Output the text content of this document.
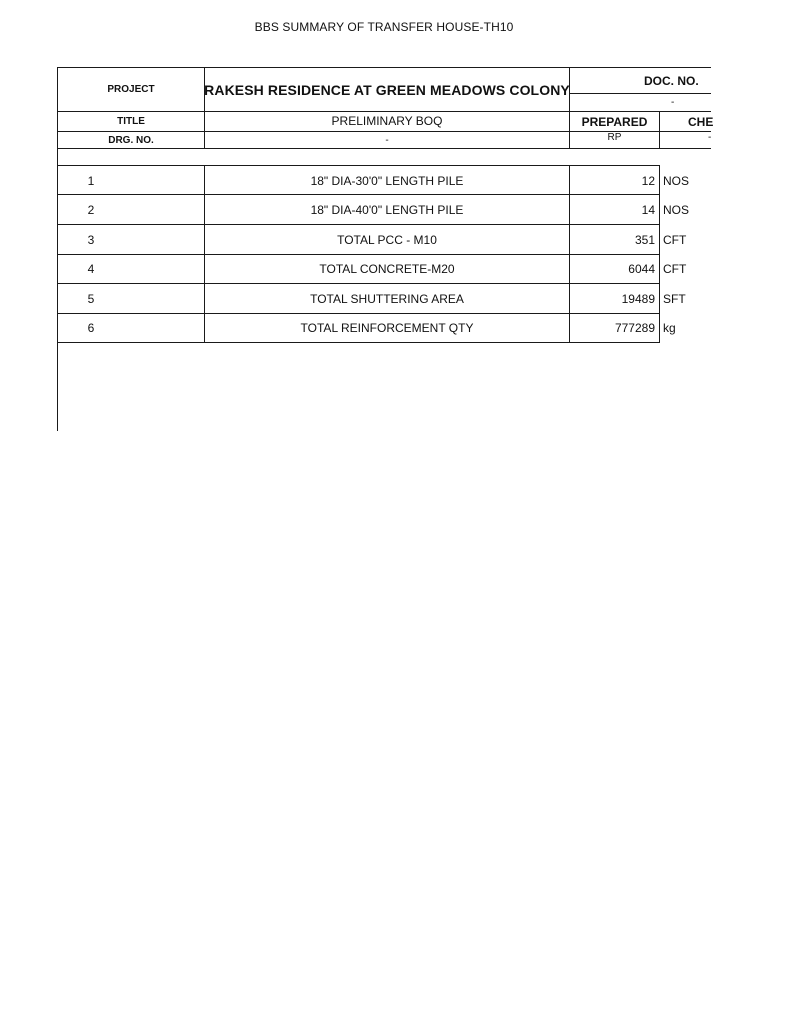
BBS SUMMARY OF TRANSFER HOUSE-TH10
PROJECT	RAKESH RESIDENCE AT GREEN MEADOWS COLONY
DOC. NO.
-
TITLE	PRELIMINARY BOQ	PREPARED	CHE
DRG. NO.	-	RP	-
1	18" DIA-30'0" LENGTH PILE	12 NOS
2	18" DIA-40'0" LENGTH PILE	14 NOS
3	TOTAL PCC - M10	351 CFT
4	TOTAL CONCRETE-M20	6044 CFT
5	TOTAL SHUTTERING AREA	19489 SFT
6	TOTAL REINFORCEMENT QTY	777289 kg
